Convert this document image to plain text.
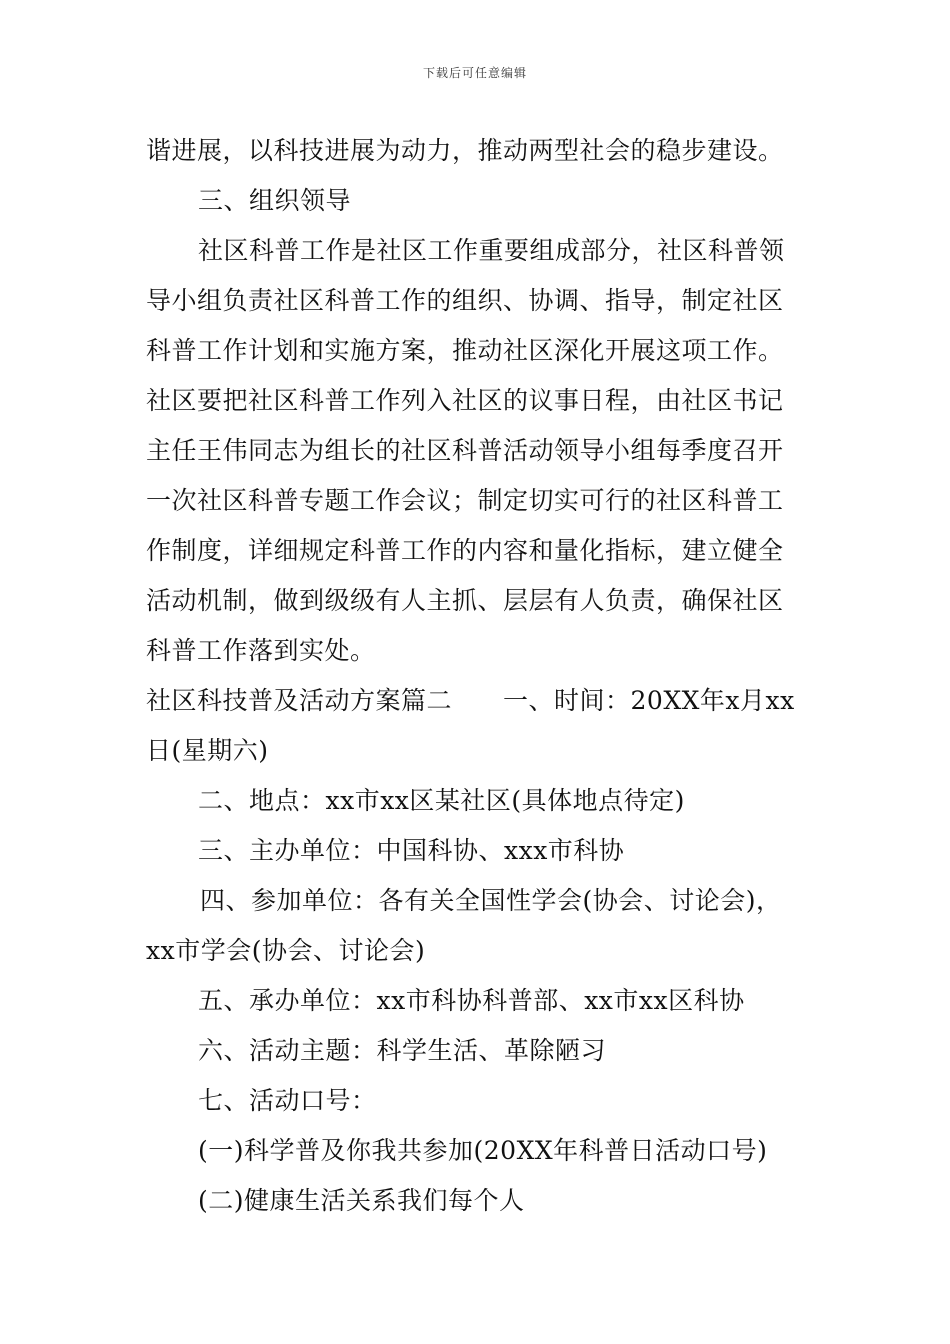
下载后可任意编辑
谐进展，以科技进展为动力，推动两型社会的稳步建设。
三、组织领导
社区科普工作是社区工作重要组成部分，社区科普领
导小组负责社区科普工作的组织、协调、指导，制定社区
科普工作计划和实施方案，推动社区深化开展这项工作。
社区要把社区科普工作列入社区的议事日程，由社区书记
主任王伟同志为组长的社区科普活动领导小组每季度召开
一次社区科普专题工作会议；制定切实可行的社区科普工
作制度，详细规定科普工作的内容和量化指标，建立健全
活动机制，做到级级有人主抓、层层有人负责，确保社区
科普工作落到实处。
社区科技普及活动方案篇二　　一、时间：20XX年x月xx
日(星期六)
二、地点：xx市xx区某社区(具体地点待定)
三、主办单位：中国科协、xxx市科协
四、参加单位：各有关全国性学会(协会、讨论会)，
xx市学会(协会、讨论会)
五、承办单位：xx市科协科普部、xx市xx区科协
六、活动主题：科学生活、革除陋习
七、活动口号：
(一)科学普及你我共参加(20XX年科普日活动口号)
(二)健康生活关系我们每个人
